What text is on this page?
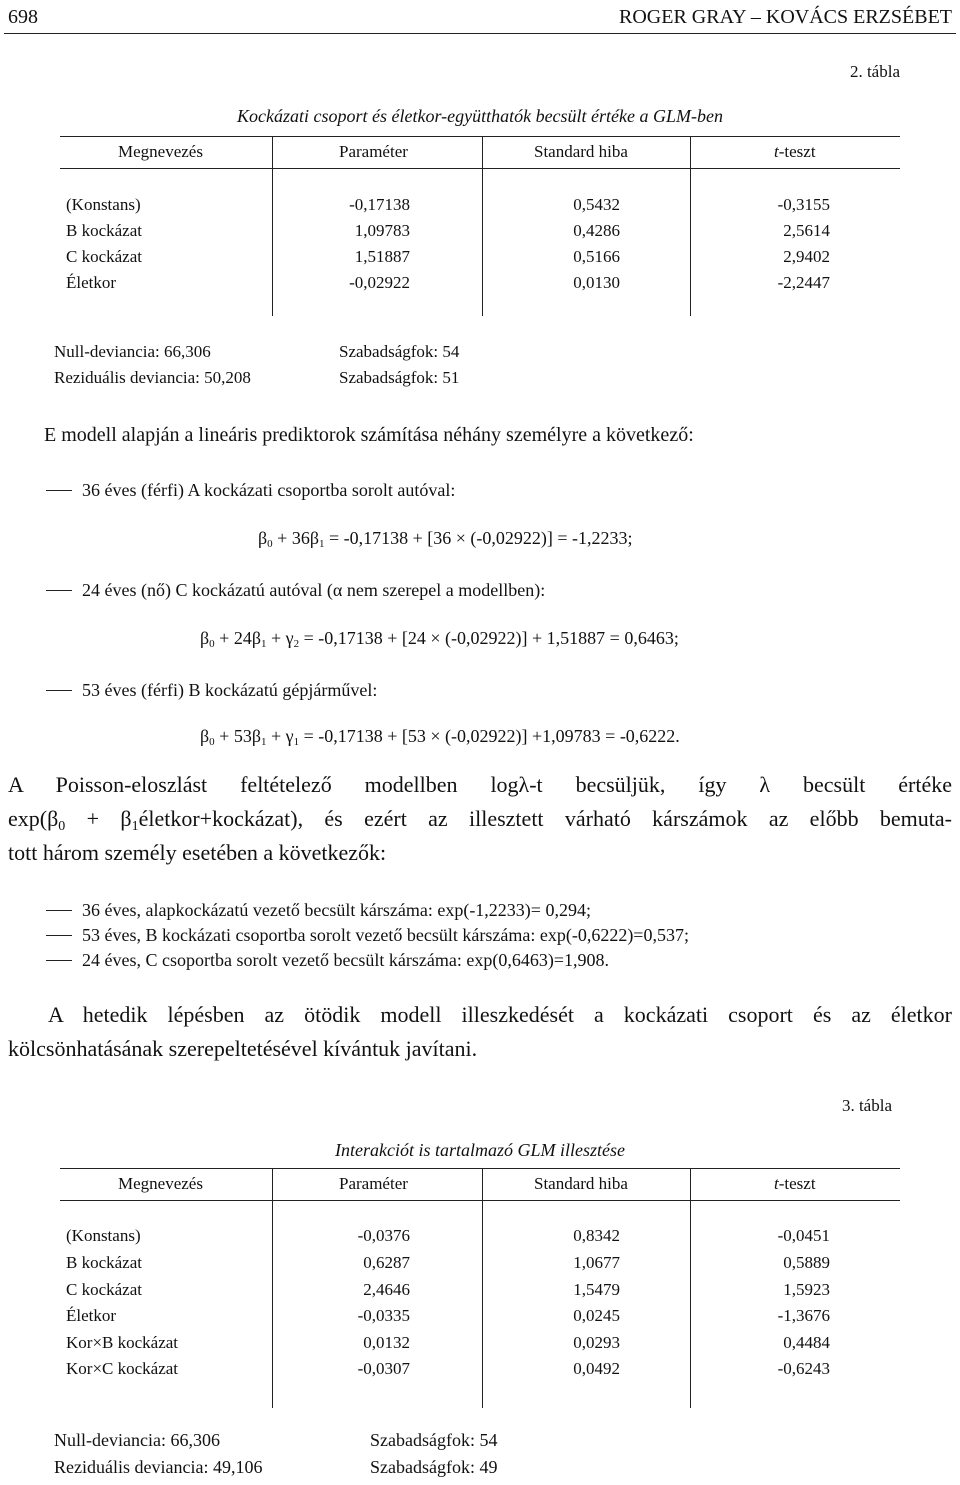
698	ROGER GRAY – KOVÁCS ERZSÉBET
2. tábla
Kockázati csoport és életkor-együtthatók becsült értéke a GLM-ben
Megnevezés	Paraméter	Standard hiba	t-teszt
(Konstans)	-0,17138	0,5432	-0,3155
B kockázat	1,09783	0,4286	2,5614
C kockázat	1,51887	0,5166	2,9402
Életkor	-0,02922	0,0130	-2,2447
Null-deviancia: 66,306	Szabadságfok: 54
Reziduális deviancia: 50,208	Szabadságfok: 51
E modell alapján a lineáris prediktorok számítása néhány személyre a következő:
36 éves (férfi) A kockázati csoportba sorolt autóval:
$\beta_0 + 36\beta_1 = -0,17138 + [36 \times (-0,02922)] = -1,2233$;
24 éves (nő) C kockázatú autóval (α nem szerepel a modellben):
$\beta_0 + 24\beta_1 + \gamma_2 = -0,17138 + [24 \times (-0,02922)] + 1,51887 = 0,6463$;
53 éves (férfi) B kockázatú gépjárművel:
$\beta_0 + 53\beta_1 + \gamma_1 = -0,17138 + [53 \times (-0,02922)] +1,09783 = -0,6222$.
A Poisson-eloszlást feltételező modellben logλ-t becsüljük, így λ becsült értéke
exp(β0 + β1életkor+kockázat), és ezért az illesztett várható kárszámok az előbb bemuta-
tott három személy esetében a következők:
36 éves, alapkockázatú vezető becsült kárszáma: exp(-1,2233)= 0,294;
53 éves, B kockázati csoportba sorolt vezető becsült kárszáma: exp(-0,6222)=0,537;
24 éves, C csoportba sorolt vezető becsült kárszáma: exp(0,6463)=1,908.
A hetedik lépésben az ötödik modell illeszkedését a kockázati csoport és az életkor
kölcsönhatásának szerepeltetésével kívántuk javítani.
3. tábla
Interakciót is tartalmazó GLM illesztése
Megnevezés	Paraméter	Standard hiba	t-teszt
(Konstans)	-0,0376	0,8342	-0,0451
B kockázat	0,6287	1,0677	0,5889
C kockázat	2,4646	1,5479	1,5923
Életkor	-0,0335	0,0245	-1,3676
Kor×B kockázat	0,0132	0,0293	0,4484
Kor×C kockázat	-0,0307	0,0492	-0,6243
Null-deviancia: 66,306	Szabadságfok: 54
Reziduális deviancia: 49,106	Szabadságfok: 49
